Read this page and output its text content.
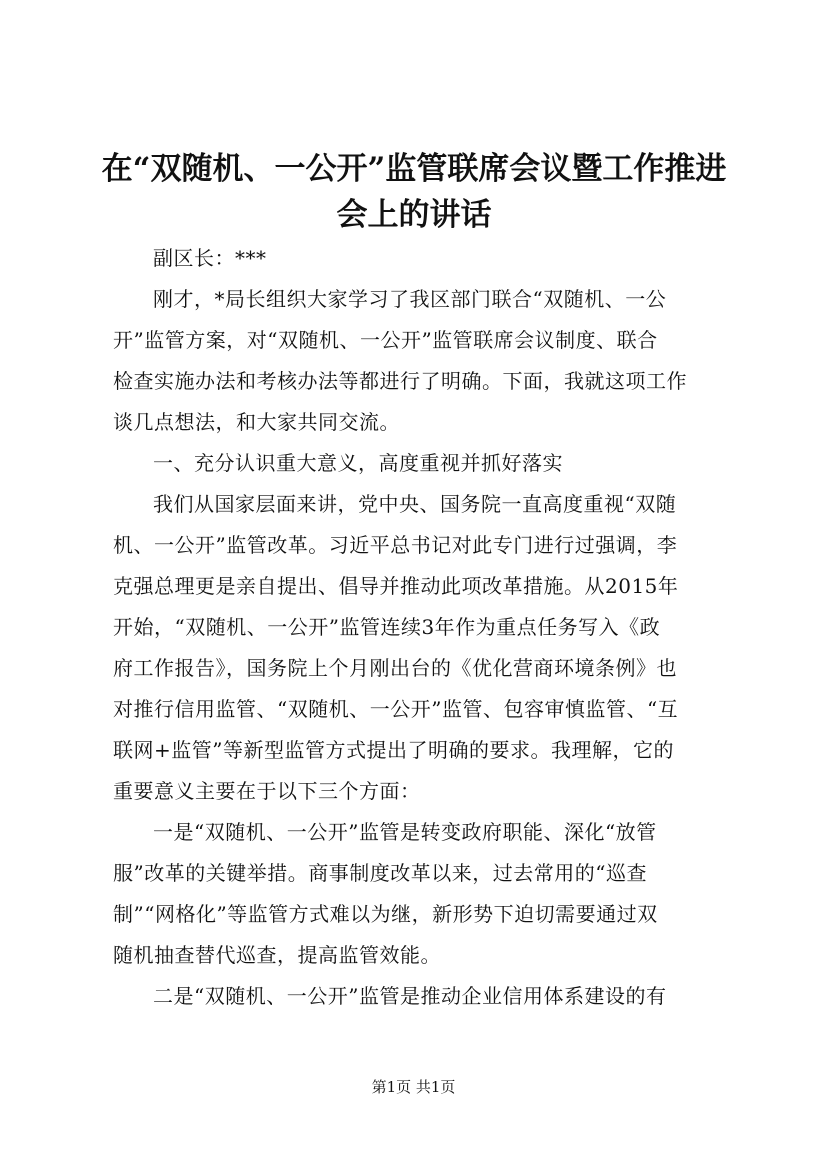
在“双随机、一公开”监管联席会议暨工作推进会上的讲话

副区长：***

刚才，*局长组织大家学习了我区部门联合“双随机、一公
开”监管方案，对“双随机、一公开”监管联席会议制度、联合
检查实施办法和考核办法等都进行了明确。下面，我就这项工作
谈几点想法，和大家共同交流。

一、充分认识重大意义，高度重视并抓好落实

我们从国家层面来讲，党中央、国务院一直高度重视“双随
机、一公开”监管改革。习近平总书记对此专门进行过强调，李
克强总理更是亲自提出、倡导并推动此项改革措施。从2015年
开始，“双随机、一公开”监管连续3年作为重点任务写入《政
府工作报告》，国务院上个月刚出台的《优化营商环境条例》也
对推行信用监管、“双随机、一公开”监管、包容审慎监管、“互
联网+监管”等新型监管方式提出了明确的要求。我理解，它的
重要意义主要在于以下三个方面：

一是“双随机、一公开”监管是转变政府职能、深化“放管
服”改革的关键举措。商事制度改革以来，过去常用的“巡查
制”“网格化”等监管方式难以为继，新形势下迫切需要通过双
随机抽查替代巡查，提高监管效能。

二是“双随机、一公开”监管是推动企业信用体系建设的有

第1页 共1页
